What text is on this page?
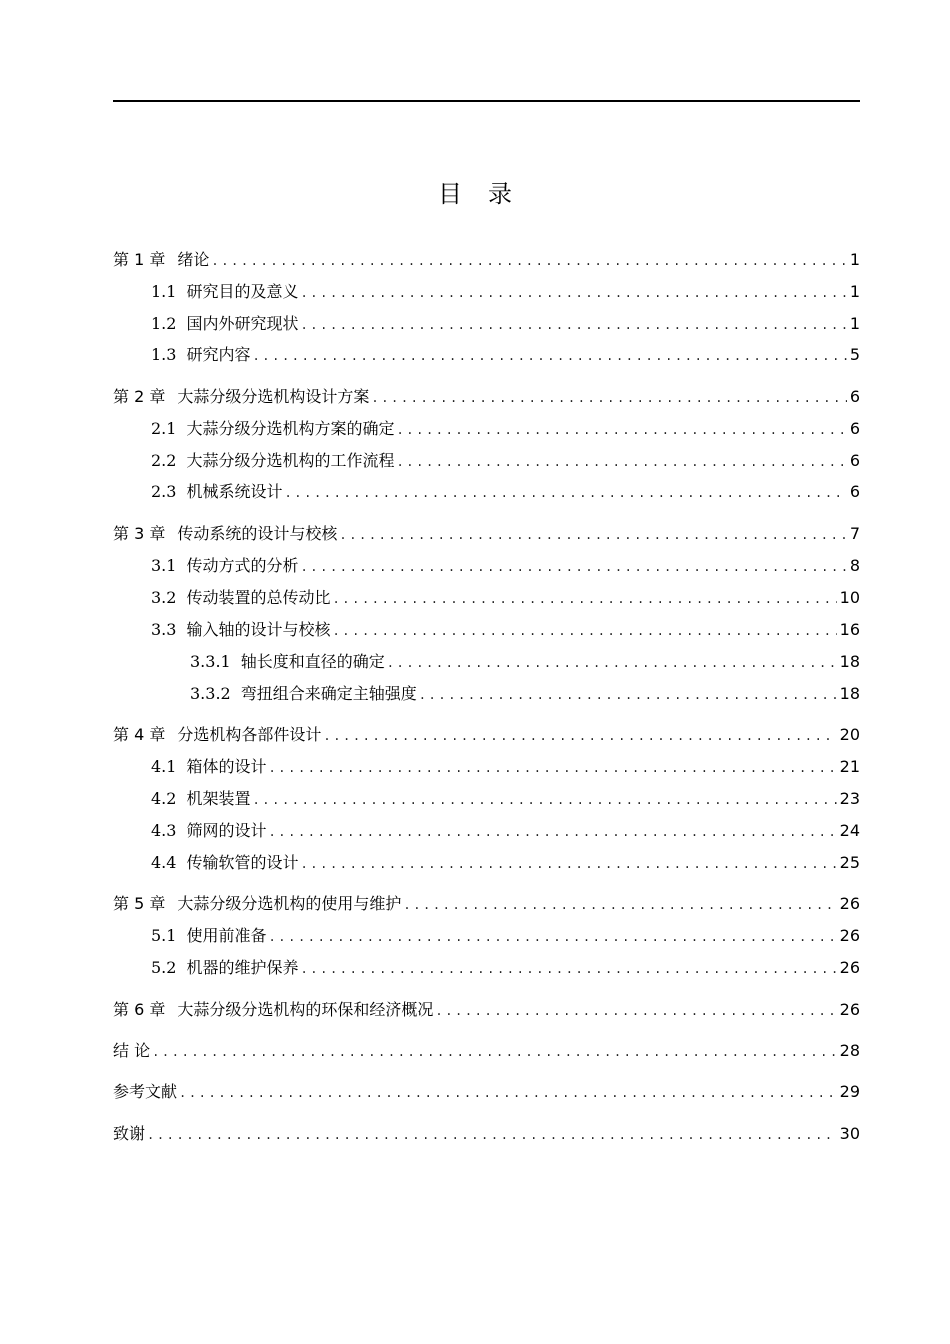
目 录
第 1 章 绪论 .....	1
1.1 研究目的及意义 .....	1
1.2 国内外研究现状 .....	1
1.3 研究内容 .....	5
第 2 章 大蒜分级分选机构设计方案 .....	6
2.1 大蒜分级分选机构方案的确定 .....	6
2.2 大蒜分级分选机构的工作流程 .....	6
2.3 机械系统设计 .....	6
第 3 章 传动系统的设计与校核 .....	7
3.1 传动方式的分析 .....	8
3.2 传动装置的总传动比 .....	10
3.3 输入轴的设计与校核 .....	16
3.3.1 轴长度和直径的确定 .....	18
3.3.2 弯扭组合来确定主轴强度 .....	18
第 4 章 分选机构各部件设计 .....	20
4.1 箱体的设计 .....	21
4.2 机架装置 .....	23
4.3 筛网的设计 .....	24
4.4 传输软管的设计 .....	25
第 5 章 大蒜分级分选机构的使用与维护 .....	26
5.1 使用前准备 .....	26
5.2 机器的维护保养 .....	26
第 6 章 大蒜分级分选机构的环保和经济概况 .....	26
结 论 .....	28
参考文献 .....	29
致谢 .....	30
